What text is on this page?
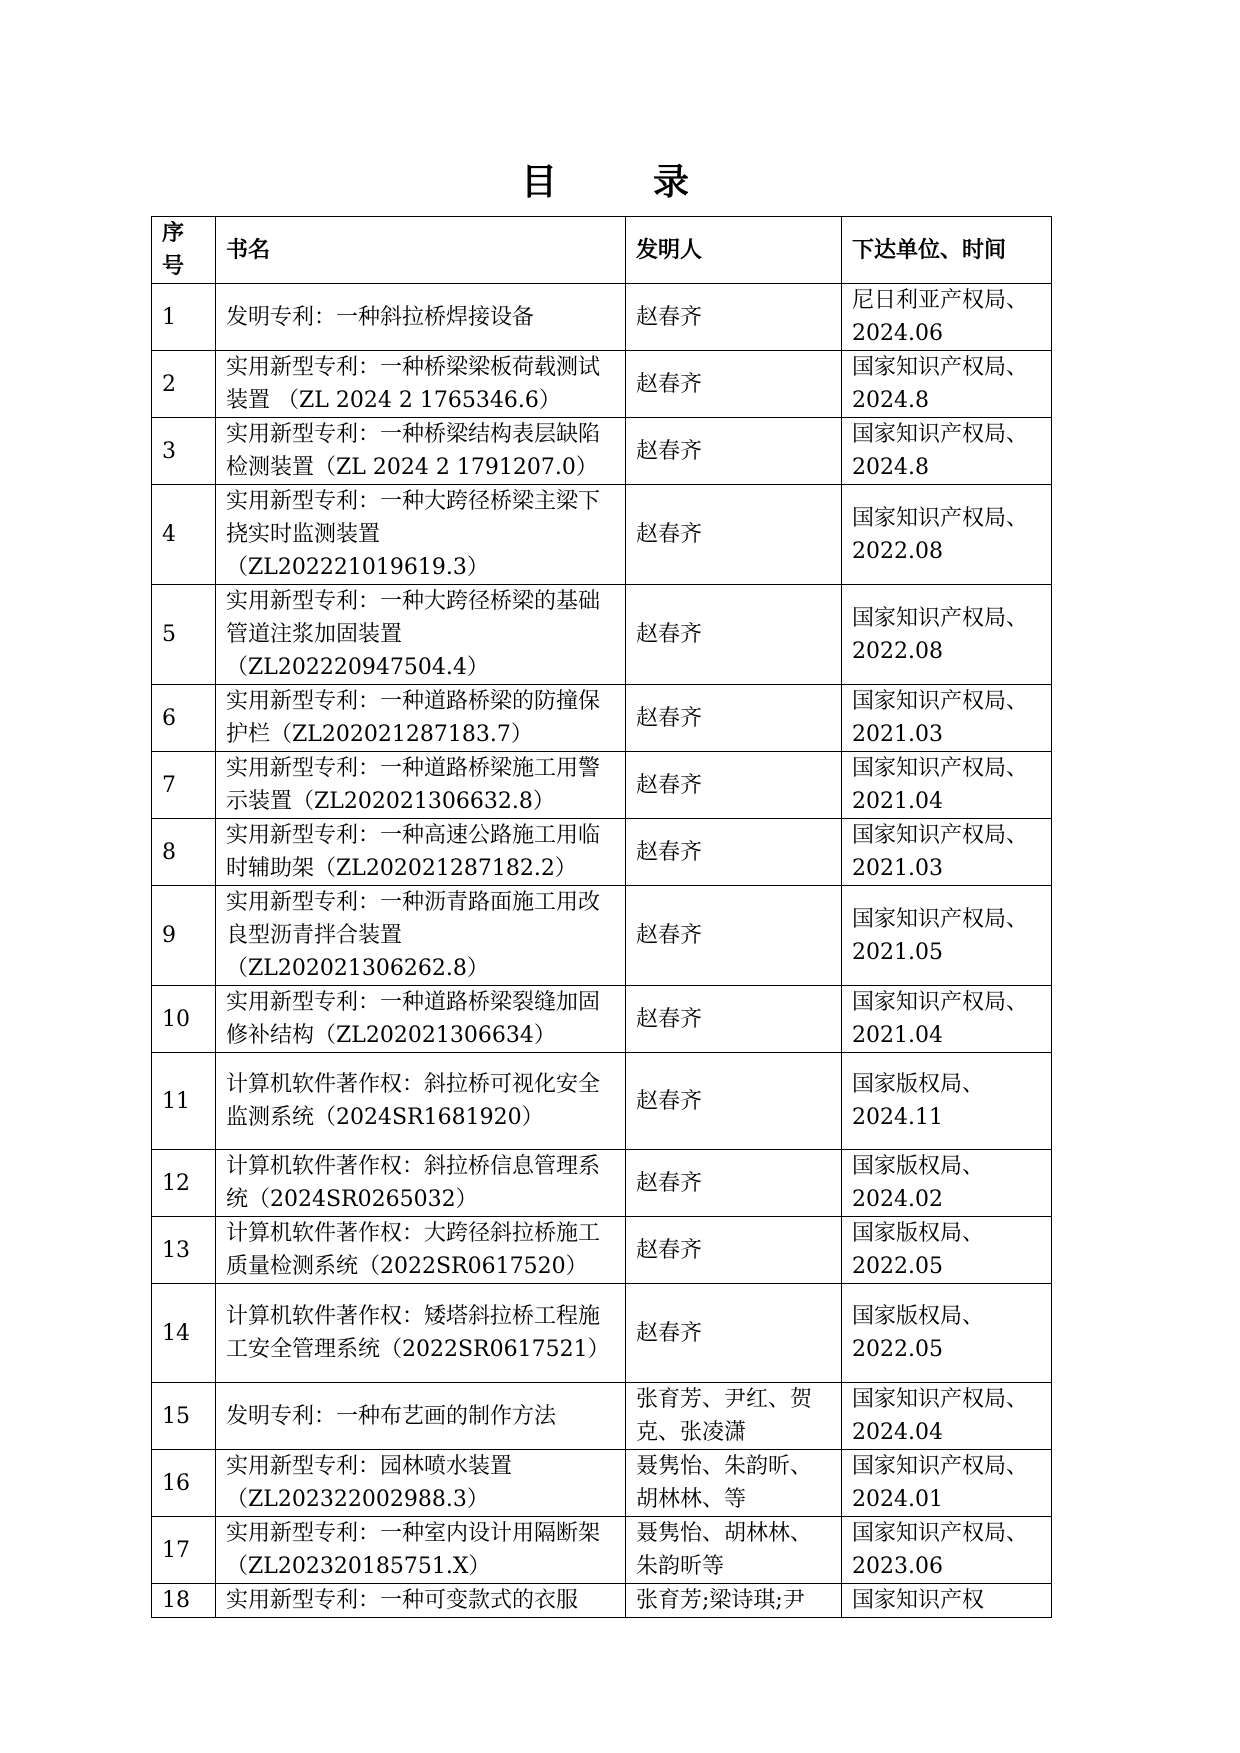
目　录
序号	书名	发明人	下达单位、时间
1	发明专利：一种斜拉桥焊接设备	赵春齐	尼日利亚产权局、2024.06
2	实用新型专利：一种桥梁梁板荷载测试装置 （ZL 2024 2 1765346.6）	赵春齐	国家知识产权局、2024.8
3	实用新型专利：一种桥梁结构表层缺陷检测装置（ZL 2024 2 1791207.0）	赵春齐	国家知识产权局、2024.8
4	实用新型专利：一种大跨径桥梁主梁下挠实时监测装置（ZL202221019619.3）	赵春齐	国家知识产权局、2022.08
5	实用新型专利：一种大跨径桥梁的基础管道注浆加固装置（ZL202220947504.4）	赵春齐	国家知识产权局、2022.08
6	实用新型专利：一种道路桥梁的防撞保护栏（ZL202021287183.7）	赵春齐	国家知识产权局、2021.03
7	实用新型专利：一种道路桥梁施工用警示装置（ZL202021306632.8）	赵春齐	国家知识产权局、2021.04
8	实用新型专利：一种高速公路施工用临时辅助架（ZL202021287182.2）	赵春齐	国家知识产权局、2021.03
9	实用新型专利：一种沥青路面施工用改良型沥青拌合装置（ZL202021306262.8）	赵春齐	国家知识产权局、2021.05
10	实用新型专利：一种道路桥梁裂缝加固修补结构（ZL202021306634）	赵春齐	国家知识产权局、2021.04
11	计算机软件著作权：斜拉桥可视化安全监测系统（2024SR1681920）	赵春齐	国家版权局、2024.11
12	计算机软件著作权：斜拉桥信息管理系统（2024SR0265032）	赵春齐	国家版权局、2024.02
13	计算机软件著作权：大跨径斜拉桥施工质量检测系统（2022SR0617520）	赵春齐	国家版权局、2022.05
14	计算机软件著作权：矮塔斜拉桥工程施工安全管理系统（2022SR0617521）	赵春齐	国家版权局、2022.05
15	发明专利：一种布艺画的制作方法	张育芳、尹红、贺克、张凌潇	国家知识产权局、2024.04
16	实用新型专利：园林喷水装置（ZL202322002988.3）	聂隽怡、朱韵昕、胡林林、等	国家知识产权局、2024.01
17	实用新型专利：一种室内设计用隔断架（ZL202320185751.X）	聂隽怡、胡林林、朱韵昕等	国家知识产权局、2023.06
18	实用新型专利：一种可变款式的衣服	张育芳;梁诗琪;尹	国家知识产权
